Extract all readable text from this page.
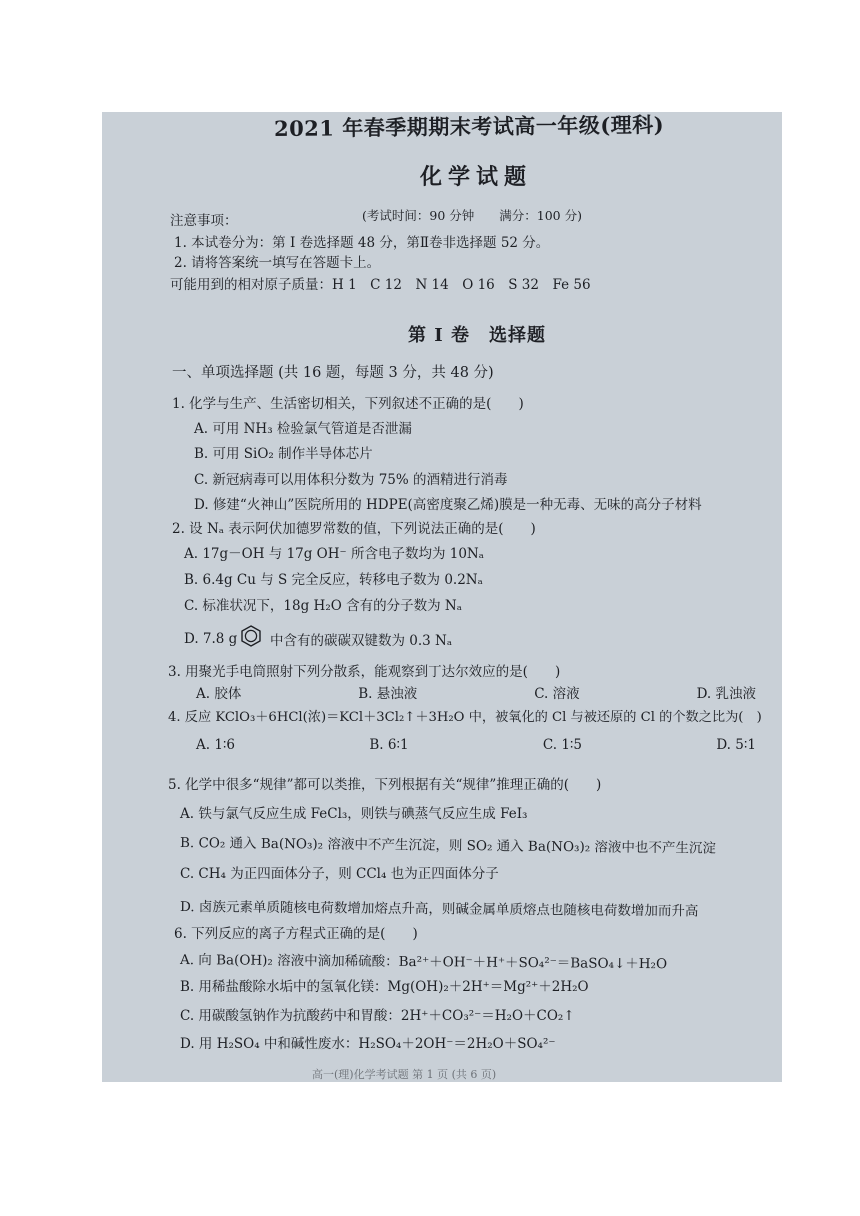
2021 年春季期期末考试高一年级(理科)
化学试题
(考试时间：90 分钟　　满分：100 分)
注意事项：
1. 本试卷分为：第 I 卷选择题 48 分，第Ⅱ卷非选择题 52 分。
2. 请将答案统一填写在答题卡上。
可能用到的相对原子质量：H 1　C 12　N 14　O 16　S 32　Fe 56
第 I 卷　选择题
一、单项选择题 (共 16 题，每题 3 分，共 48 分)
1. 化学与生产、生活密切相关，下列叙述不正确的是(　　)
A. 可用 NH₃ 检验氯气管道是否泄漏
B. 可用 SiO₂ 制作半导体芯片
C. 新冠病毒可以用体积分数为 75% 的酒精进行消毒
D. 修建“火神山”医院所用的 HDPE(高密度聚乙烯)膜是一种无毒、无味的高分子材料
2. 设 Nₐ 表示阿伏加德罗常数的值，下列说法正确的是(　　)
A. 17g－OH 与 17g OH⁻ 所含电子数均为 10Nₐ
B. 6.4g Cu 与 S 完全反应，转移电子数为 0.2Nₐ
C. 标准状况下，18g H₂O 含有的分子数为 Nₐ
D. 7.8 g 中含有的碳碳双键数为 0.3 Nₐ
3. 用聚光手电筒照射下列分散系，能观察到丁达尔效应的是(　　)
A. 胶体	B. 悬浊液	C. 溶液	D. 乳浊液
4. 反应 KClO₃＋6HCl(浓)＝KCl＋3Cl₂↑＋3H₂O 中，被氧化的 Cl 与被还原的 Cl 的个数之比为(　)
A. 1∶6	B. 6∶1	C. 1∶5	D. 5∶1
5. 化学中很多“规律”都可以类推，下列根据有关“规律”推理正确的(　　)
A. 铁与氯气反应生成 FeCl₃，则铁与碘蒸气反应生成 FeI₃
B. CO₂ 通入 Ba(NO₃)₂ 溶液中不产生沉淀，则 SO₂ 通入 Ba(NO₃)₂ 溶液中也不产生沉淀
C. CH₄ 为正四面体分子，则 CCl₄ 也为正四面体分子
D. 卤族元素单质随核电荷数增加熔点升高，则碱金属单质熔点也随核电荷数增加而升高
6. 下列反应的离子方程式正确的是(　　)
A. 向 Ba(OH)₂ 溶液中滴加稀硫酸：Ba²⁺＋OH⁻＋H⁺＋SO₄²⁻＝BaSO₄↓＋H₂O
B. 用稀盐酸除水垢中的氢氧化镁：Mg(OH)₂＋2H⁺＝Mg²⁺＋2H₂O
C. 用碳酸氢钠作为抗酸药中和胃酸：2H⁺＋CO₃²⁻＝H₂O＋CO₂↑
D. 用 H₂SO₄ 中和碱性废水：H₂SO₄＋2OH⁻＝2H₂O＋SO₄²⁻
高一(理)化学考试题 第 1 页 (共 6 页)
